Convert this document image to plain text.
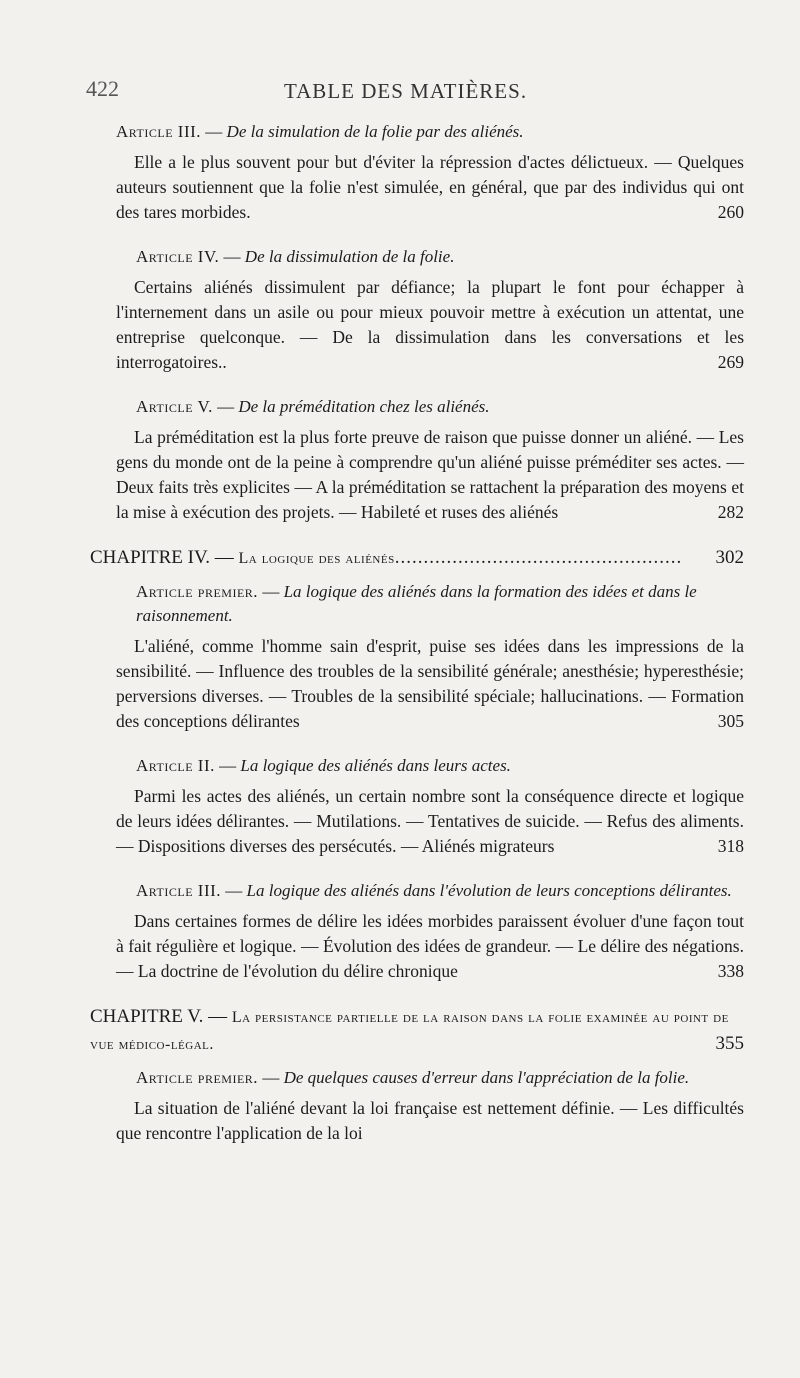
422	TABLE DES MATIÈRES.
Article III. — De la simulation de la folie par des aliénés.

Elle a le plus souvent pour but d'éviter la répression d'actes délictueux. — Quelques auteurs soutiennent que la folie n'est simulée, en général, que par des individus qui ont des tares morbides.	260

Article IV. — De la dissimulation de la folie.

Certains aliénés dissimulent par défiance; la plupart le font pour échapper à l'internement dans un asile ou pour mieux pouvoir mettre à exécution un attentat, une entreprise quelconque. — De la dissimulation dans les conversations et les interrogatoires..	269

Article V. — De la préméditation chez les aliénés.

La préméditation est la plus forte preuve de raison que puisse donner un aliéné. — Les gens du monde ont de la peine à comprendre qu'un aliéné puisse préméditer ses actes. — Deux faits très explicites — A la préméditation se rattachent la préparation des moyens et la mise à exécution des projets. — Habileté et ruses des aliénés	282

CHAPITRE IV. — La logique des aliénés ..................................................	302
Article premier. — La logique des aliénés dans la formation des idées et dans le raisonnement.

L'aliéné, comme l'homme sain d'esprit, puise ses idées dans les impressions de la sensibilité. — Influence des troubles de la sensibilité générale; anesthésie; hyperesthésie; perversions diverses. — Troubles de la sensibilité spéciale; hallucinations. — Formation des conceptions délirantes	305

Article II. — La logique des aliénés dans leurs actes.

Parmi les actes des aliénés, un certain nombre sont la conséquence directe et logique de leurs idées délirantes. — Mutilations. — Tentatives de suicide. — Refus des aliments. — Dispositions diverses des persécutés. — Aliénés migrateurs	318

Article III. — La logique des aliénés dans l'évolution de leurs conceptions délirantes.

Dans certaines formes de délire les idées morbides paraissent évoluer d'une façon tout à fait régulière et logique. — Évolution des idées de grandeur. — Le délire des négations. — La doctrine de l'évolution du délire chronique	338

CHAPITRE V. — La persistance partielle de la raison dans la folie examinée au point de vue médico-légal.	355
Article premier. — De quelques causes d'erreur dans l'appréciation de la folie.

La situation de l'aliéné devant la loi française est nettement définie. — Les difficultés que rencontre l'application de la loi
